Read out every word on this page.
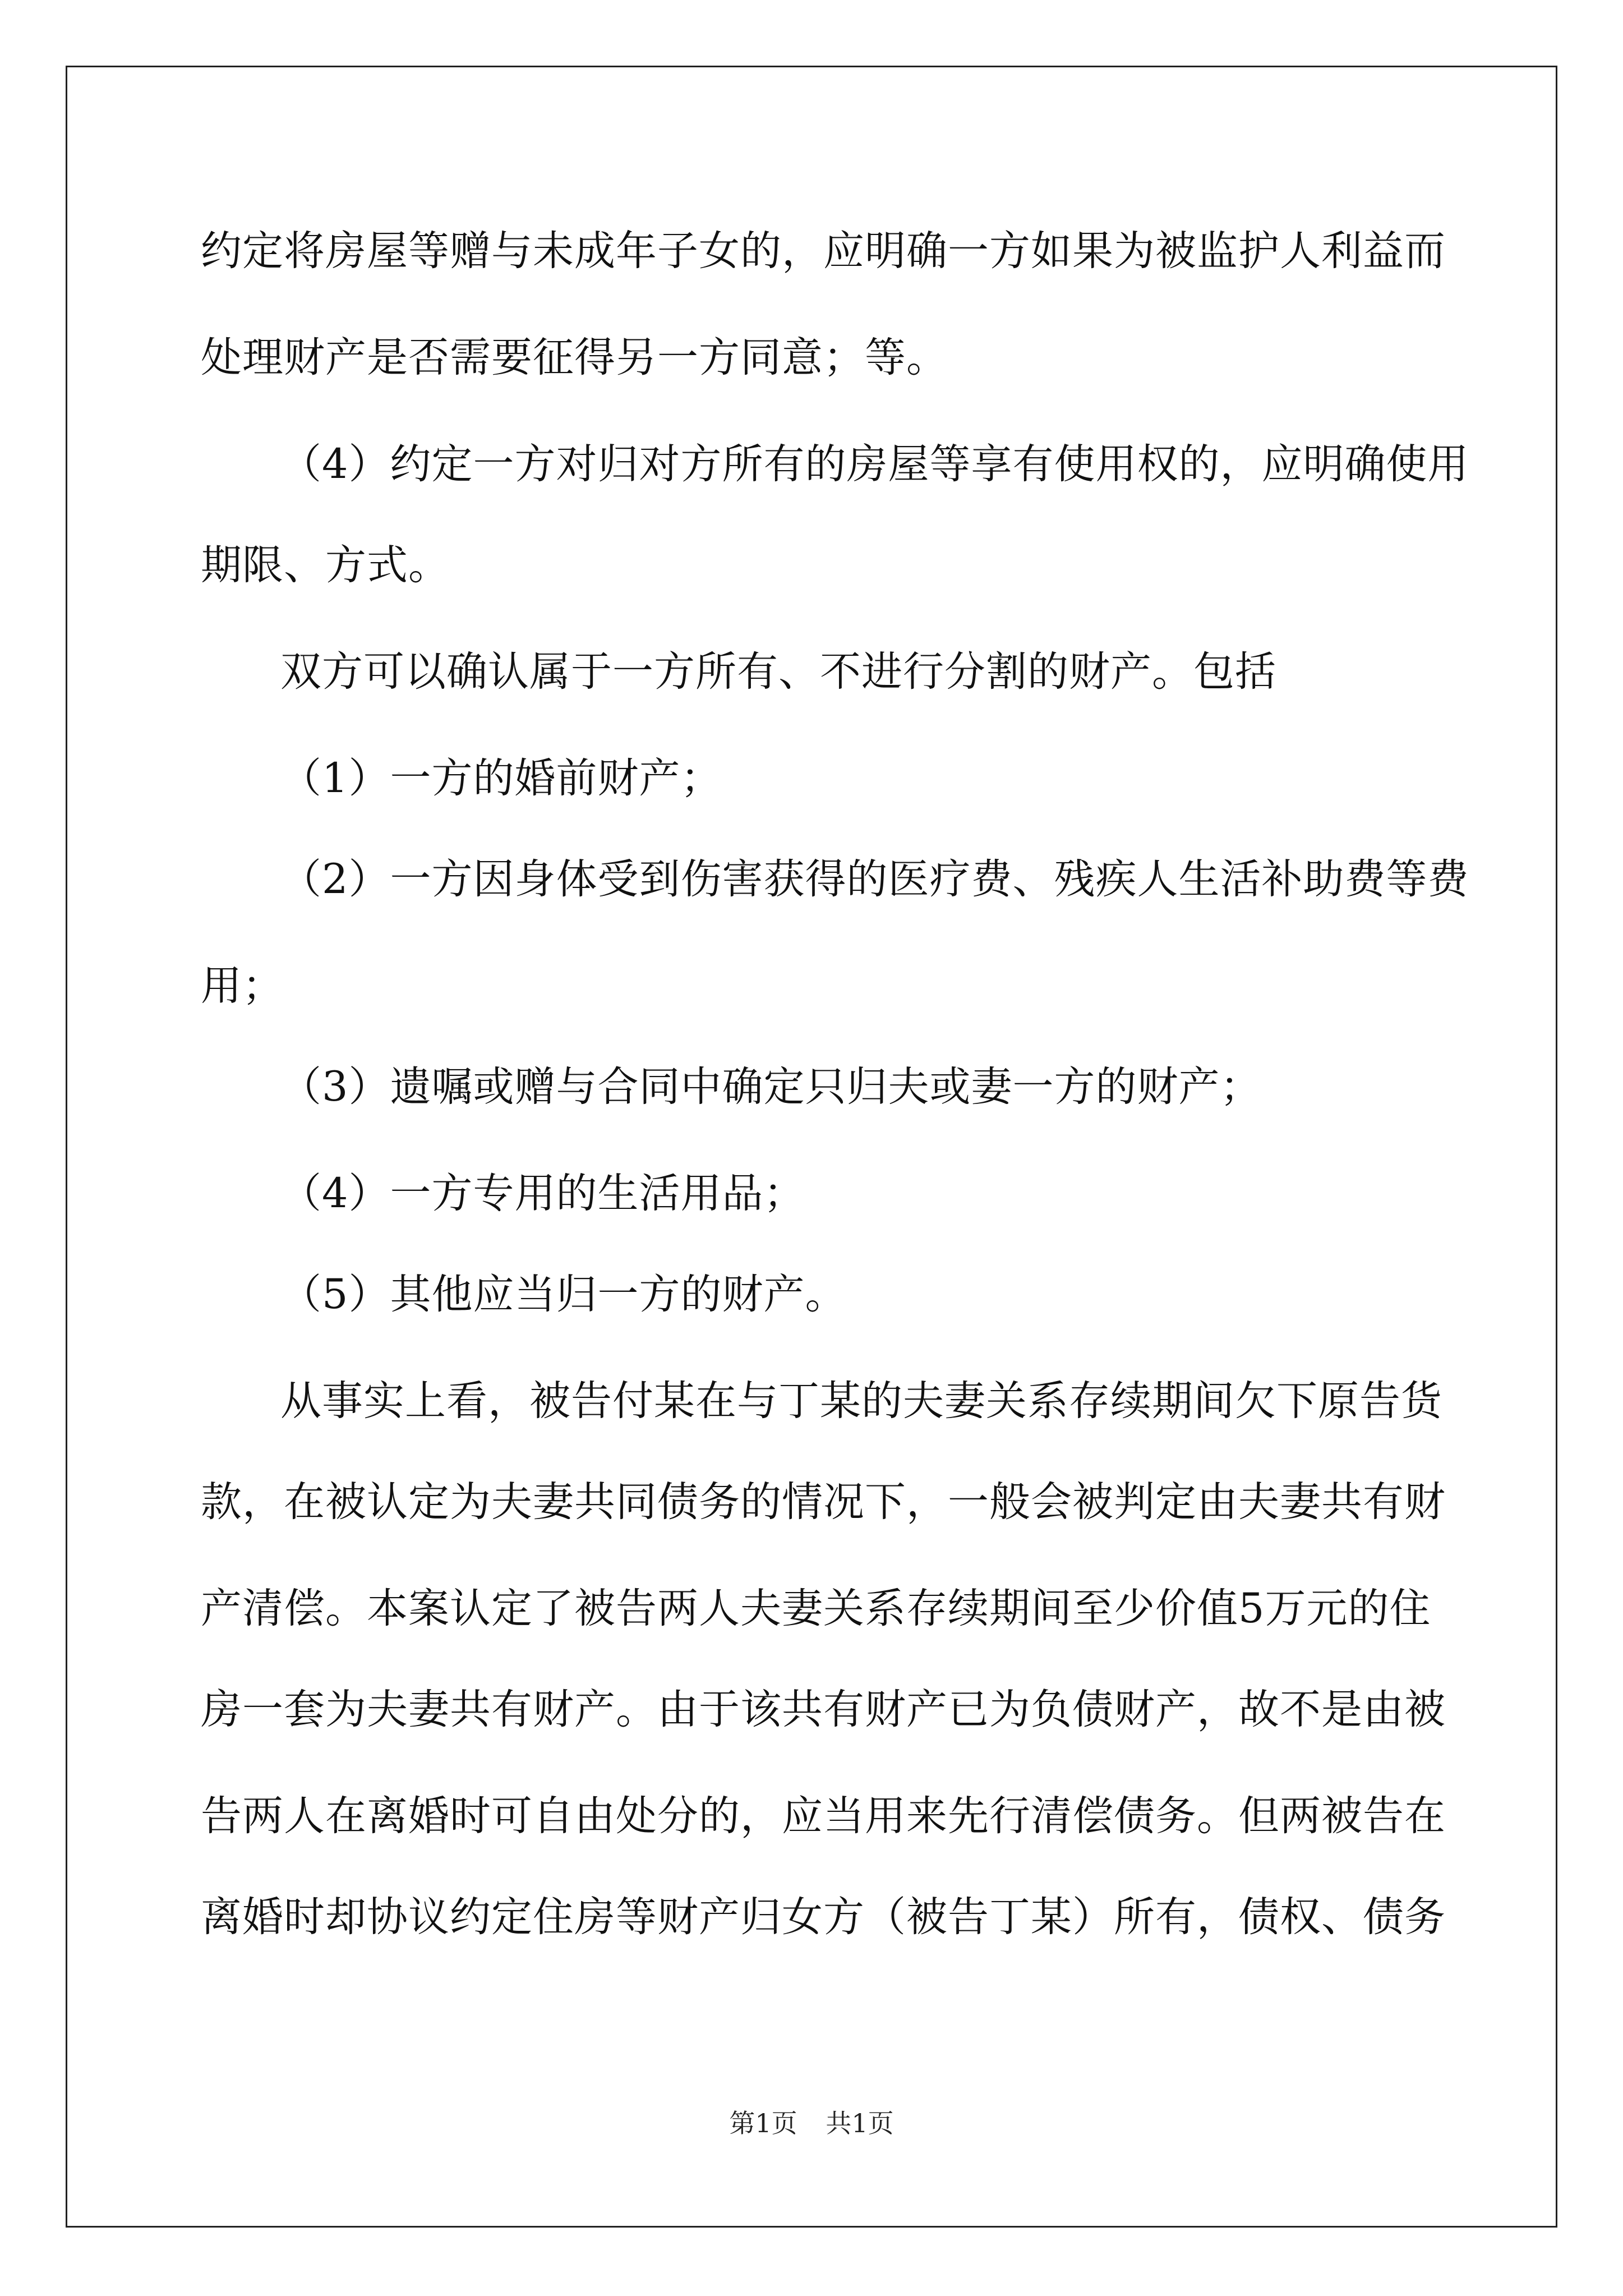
约定将房屋等赠与未成年子女的，应明确一方如果为被监护人利益而
处理财产是否需要征得另一方同意；等。
（4）约定一方对归对方所有的房屋等享有使用权的，应明确使用
期限、方式。
双方可以确认属于一方所有、不进行分割的财产。包括
（1）一方的婚前财产；
（2）一方因身体受到伤害获得的医疗费、残疾人生活补助费等费
用；
（3）遗嘱或赠与合同中确定只归夫或妻一方的财产；
（4）一方专用的生活用品；
（5）其他应当归一方的财产。
从事实上看，被告付某在与丁某的夫妻关系存续期间欠下原告货
款，在被认定为夫妻共同债务的情况下，一般会被判定由夫妻共有财
产清偿。本案认定了被告两人夫妻关系存续期间至少价值5万元的住
房一套为夫妻共有财产。由于该共有财产已为负债财产，故不是由被
告两人在离婚时可自由处分的，应当用来先行清偿债务。但两被告在
离婚时却协议约定住房等财产归女方（被告丁某）所有，债权、债务
第1页 共1页
